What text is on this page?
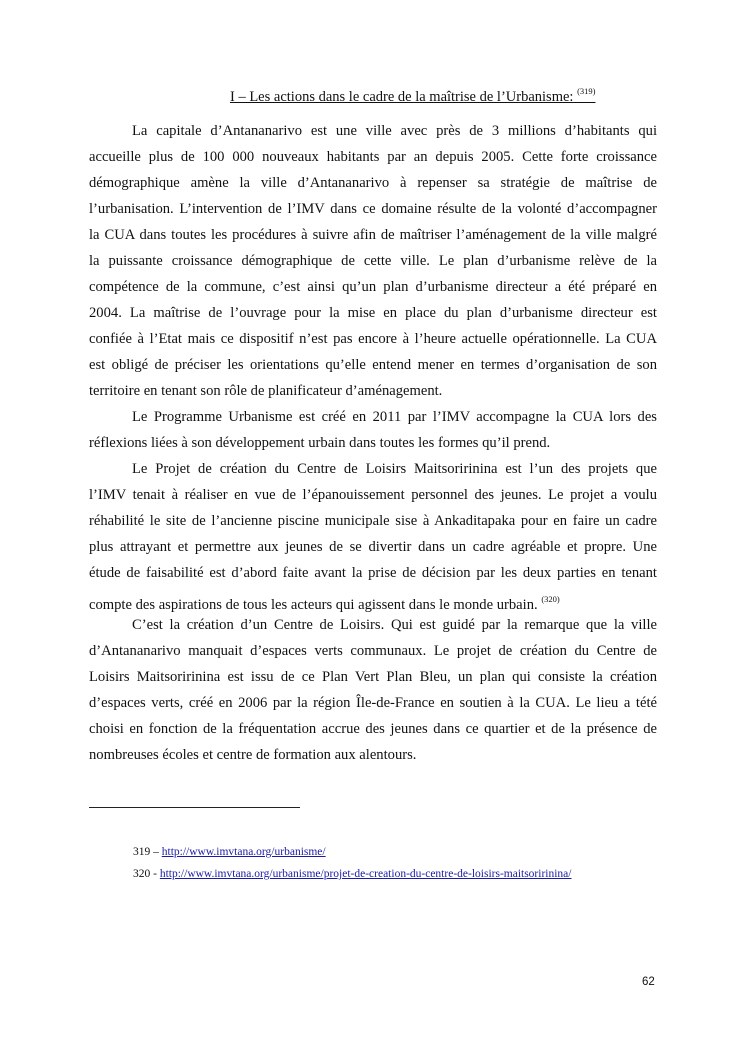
I – Les actions dans le cadre de la maîtrise de l’Urbanisme: $^{(319)}$
La capitale d’Antananarivo est une ville avec près de 3 millions d’habitants qui
accueille plus de 100 000 nouveaux habitants par an depuis 2005. Cette forte croissance
démographique amène la ville d’Antananarivo à repenser sa stratégie de maîtrise de
l’urbanisation. L’intervention de l’IMV dans ce domaine résulte de la volonté d’accompagner
la CUA dans toutes les procédures à suivre afin de maîtriser l’aménagement de la ville malgré
la puissante croissance démographique de cette ville. Le plan d’urbanisme relève de la
compétence de la commune, c’est ainsi qu’un plan d’urbanisme directeur a été préparé en
2004. La maîtrise de l’ouvrage pour la mise en place du plan d’urbanisme directeur est
confiée à l’Etat mais ce dispositif n’est pas encore à l’heure actuelle opérationnelle. La CUA
est obligé de préciser les orientations qu’elle entend mener en termes d’organisation de son
territoire en tenant son rôle de planificateur d’aménagement.
Le Programme Urbanisme est créé en 2011 par l’IMV accompagne la CUA lors des
réflexions liées à son développement urbain dans toutes les formes qu’il prend.
Le Projet de création du Centre de Loisirs Maitsoririnina est l’un des projets que
l’IMV tenait à réaliser en vue de l’épanouissement personnel des jeunes. Le projet a voulu
réhabilité le site de l’ancienne piscine municipale sise à Ankaditapaka pour en faire un cadre
plus attrayant et permettre aux jeunes de se divertir dans un cadre agréable et propre. Une
étude de faisabilité est d’abord faite avant la prise de décision par les deux parties en tenant
compte des aspirations de tous les acteurs qui agissent dans le monde urbain. $^{(320)}$
C’est la création d’un Centre de Loisirs. Qui est guidé par la remarque que la ville
d’Antananarivo manquait d’espaces verts communaux. Le projet de création du Centre de
Loisirs Maitsoririnina est issu de ce Plan Vert Plan Bleu, un plan qui consiste la création
d’espaces verts, créé en 2006 par la région Île-de-France en soutien à la CUA. Le lieu a tété
choisi en fonction de la fréquentation accrue des jeunes dans ce quartier et de la présence de
nombreuses écoles et centre de formation aux alentours.
319 – http://www.imvtana.org/urbanisme/
320 - http://www.imvtana.org/urbanisme/projet-de-creation-du-centre-de-loisirs-maitsoririnina/
62
